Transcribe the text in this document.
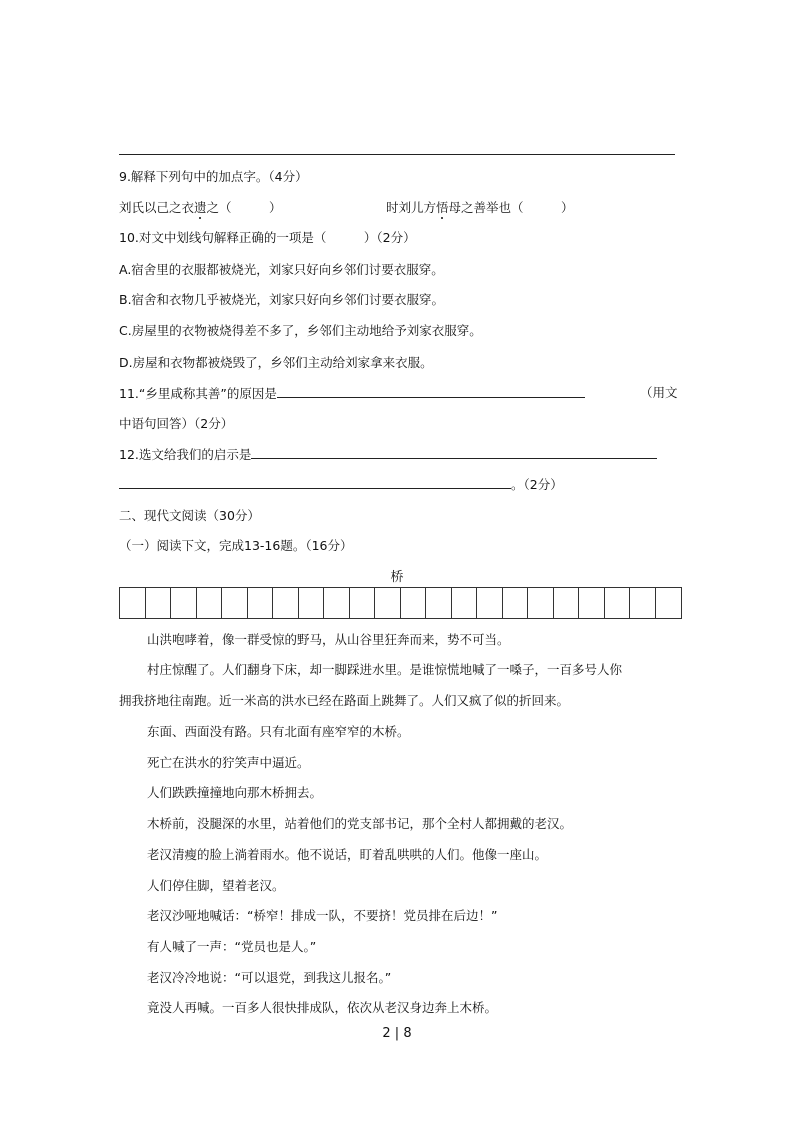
9.解释下列句中的加点字。（4分）
刘氏以己之衣遗之（　　　）	时刘儿方悟母之善举也（　　　）
10.对文中划线句解释正确的一项是（　　　）（2分）
A.宿舍里的衣服都被烧光，刘家只好向乡邻们讨要衣服穿。
B.宿舍和衣物几乎被烧光，刘家只好向乡邻们讨要衣服穿。
C.房屋里的衣物被烧得差不多了，乡邻们主动地给予刘家衣服穿。
D.房屋和衣物都被烧毁了，乡邻们主动给刘家拿来衣服。
11.“乡里咸称其善”的原因是	（用文
中语句回答）（2分）
12.选文给我们的启示是
。（2分）
二、现代文阅读（30分）
（一）阅读下文，完成13-16题。（16分）
桥
山洪咆哮着，像一群受惊的野马，从山谷里狂奔而来，势不可当。
村庄惊醒了。人们翻身下床，却一脚踩进水里。是谁惊慌地喊了一嗓子，一百多号人你
拥我挤地往南跑。近一米高的洪水已经在路面上跳舞了。人们又疯了似的折回来。
东面、西面没有路。只有北面有座窄窄的木桥。
死亡在洪水的狞笑声中逼近。
人们跌跌撞撞地向那木桥拥去。
木桥前，没腿深的水里，站着他们的党支部书记，那个全村人都拥戴的老汉。
老汉清瘦的脸上淌着雨水。他不说话，盯着乱哄哄的人们。他像一座山。
人们停住脚，望着老汉。
老汉沙哑地喊话：“桥窄！排成一队，不要挤！党员排在后边！”
有人喊了一声：“党员也是人。”
老汉冷冷地说：“可以退党，到我这儿报名。”
竟没人再喊。一百多人很快排成队，依次从老汉身边奔上木桥。
2 | 8
